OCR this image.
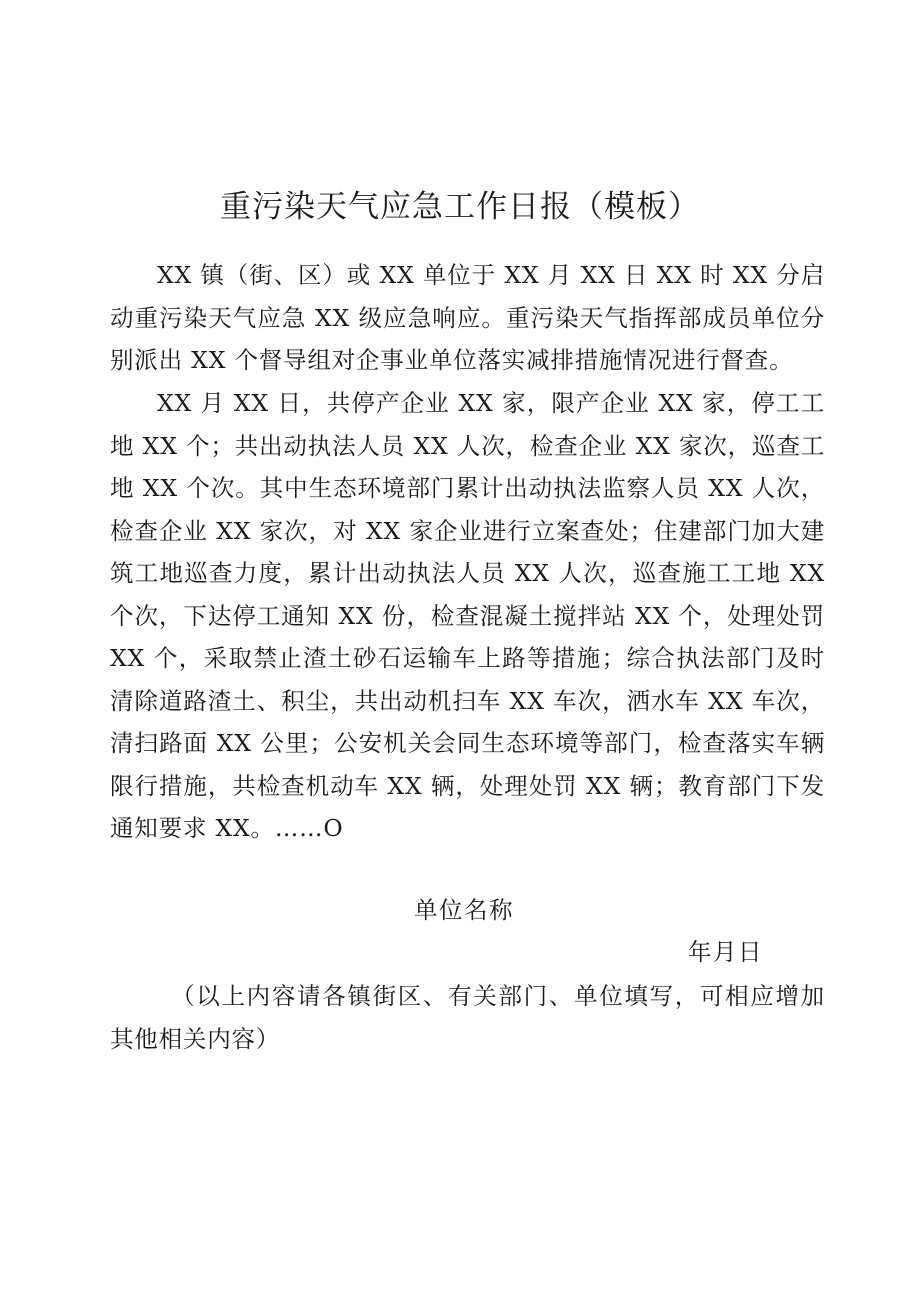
重污染天气应急工作日报（模板）

XX 镇（街、区）或 XX 单位于 XX 月 XX 日 XX 时 XX 分启动重污染天气应急 XX 级应急响应。重污染天气指挥部成员单位分别派出 XX 个督导组对企事业单位落实减排措施情况进行督查。

XX 月 XX 日，共停产企业 XX 家，限产企业 XX 家，停工工地 XX 个；共出动执法人员 XX 人次，检查企业 XX 家次，巡查工地 XX 个次。其中生态环境部门累计出动执法监察人员 XX 人次，检查企业 XX 家次，对 XX 家企业进行立案查处；住建部门加大建筑工地巡查力度，累计出动执法人员 XX 人次，巡查施工工地 XX 个次，下达停工通知 XX 份，检查混凝土搅拌站 XX 个，处理处罚 XX 个，采取禁止渣土砂石运输车上路等措施；综合执法部门及时清除道路渣土、积尘，共出动机扫车 XX 车次，洒水车 XX 车次，清扫路面 XX 公里；公安机关会同生态环境等部门，检查落实车辆限行措施，共检查机动车 XX 辆，处理处罚 XX 辆；教育部门下发通知要求 XX。……O

单位名称

年月日

（以上内容请各镇街区、有关部门、单位填写，可相应增加其他相关内容）
